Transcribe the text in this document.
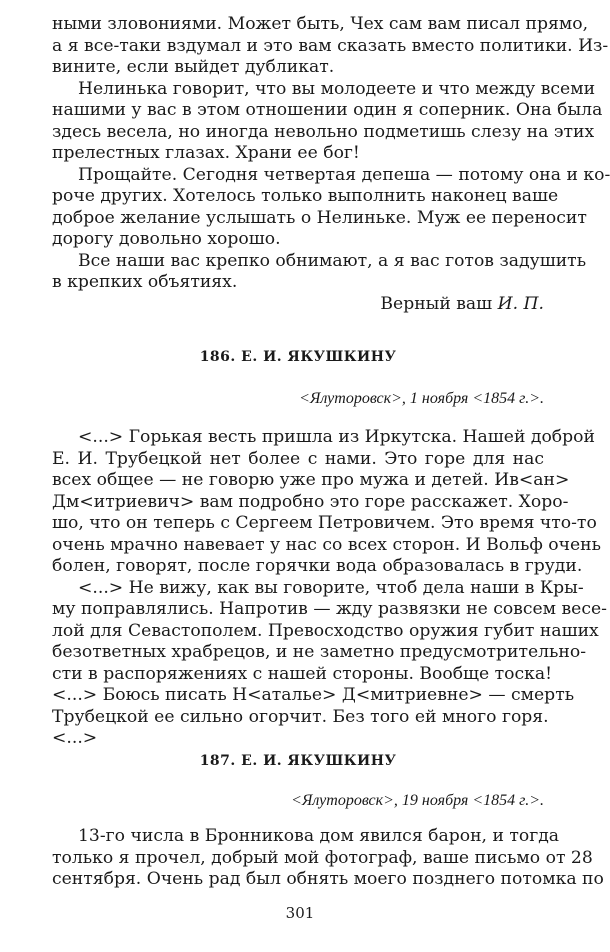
ными зловониями. Может быть, Чех сам вам писал прямо,
а я все-таки вздумал и это вам сказать вместо политики. Из-
вините, если выйдет дубликат.
Нелинька говорит, что вы молодеете и что между всеми
нашими у вас в этом отношении один я соперник. Она была
здесь весела, но иногда невольно подметишь слезу на этих
прелестных глазах. Храни ее бог!
Прощайте. Сегодня четвертая депеша — потому она и ко-
роче других. Хотелось только выполнить наконец ваше
доброе желание услышать о Нелиньке. Муж ее переносит
дорогу довольно хорошо.
Все наши вас крепко обнимают, а я вас готов задушить
в крепких объятиях.
Верный ваш И. П.
186. Е. И. ЯКУШКИНУ
<Ялуторовск>, 1 ноября <1854 г.>.
<...> Горькая весть пришла из Иркутска. Нашей доброй
Е. И. Трубецкой нет более с нами. Это горе для нас
всех общее — не говорю уже про мужа и детей. Ив<ан>
Дм<итриевич> вам подробно это горе расскажет. Хоро-
шо, что он теперь с Сергеем Петровичем. Это время что-то
очень мрачно навевает у нас со всех сторон. И Вольф очень
болен, говорят, после горячки вода образовалась в груди.
<...> Не вижу, как вы говорите, чтоб дела наши в Кры-
му поправлялись. Напротив — жду развязки не совсем весе-
лой для Севастополем. Превосходство оружия губит наших
безответных храбрецов, и не заметно предусмотрительно-
сти в распоряжениях с нашей стороны. Вообще тоска!
<...> Боюсь писать Н<аталье> Д<митриевне> — смерть
Трубецкой ее сильно огорчит. Без того ей много горя.
<...>
187. Е. И. ЯКУШКИНУ
<Ялуторовск>, 19 ноября <1854 г.>.
13-го числа в Бронникова дом явился барон, и тогда
только я прочел, добрый мой фотограф, ваше письмо от 28
сентября. Очень рад был обнять моего позднего потомка по
301
